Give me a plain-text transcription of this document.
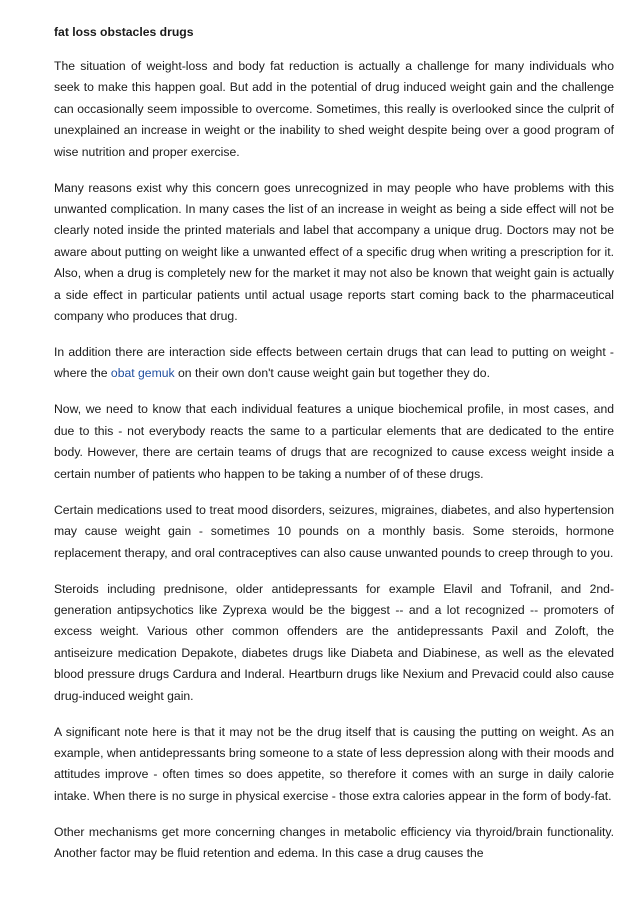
fat loss obstacles drugs

The situation of weight-loss and body fat reduction is actually a challenge for many individuals who seek to make this happen goal. But add in the potential of drug induced weight gain and the challenge can occasionally seem impossible to overcome. Sometimes, this really is overlooked since the culprit of unexplained an increase in weight or the inability to shed weight despite being over a good program of wise nutrition and proper exercise.

Many reasons exist why this concern goes unrecognized in may people who have problems with this unwanted complication. In many cases the list of an increase in weight as being a side effect will not be clearly noted inside the printed materials and label that accompany a unique drug. Doctors may not be aware about putting on weight like a unwanted effect of a specific drug when writing a prescription for it. Also, when a drug is completely new for the market it may not also be known that weight gain is actually a side effect in particular patients until actual usage reports start coming back to the pharmaceutical company who produces that drug.

In addition there are interaction side effects between certain drugs that can lead to putting on weight - where the obat gemuk on their own don't cause weight gain but together they do.

Now, we need to know that each individual features a unique biochemical profile, in most cases, and due to this - not everybody reacts the same to a particular elements that are dedicated to the entire body. However, there are certain teams of drugs that are recognized to cause excess weight inside a certain number of patients who happen to be taking a number of of these drugs.

Certain medications used to treat mood disorders, seizures, migraines, diabetes, and also hypertension may cause weight gain - sometimes 10 pounds on a monthly basis. Some steroids, hormone replacement therapy, and oral contraceptives can also cause unwanted pounds to creep through to you.

Steroids including prednisone, older antidepressants for example Elavil and Tofranil, and 2nd-generation antipsychotics like Zyprexa would be the biggest -- and a lot recognized -- promoters of excess weight. Various other common offenders are the antidepressants Paxil and Zoloft, the antiseizure medication Depakote, diabetes drugs like Diabeta and Diabinese, as well as the elevated blood pressure drugs Cardura and Inderal. Heartburn drugs like Nexium and Prevacid could also cause drug-induced weight gain.

A significant note here is that it may not be the drug itself that is causing the putting on weight. As an example, when antidepressants bring someone to a state of less depression along with their moods and attitudes improve - often times so does appetite, so therefore it comes with an surge in daily calorie intake. When there is no surge in physical exercise - those extra calories appear in the form of body-fat.

Other mechanisms get more concerning changes in metabolic efficiency via thyroid/brain functionality. Another factor may be fluid retention and edema. In this case a drug causes the
